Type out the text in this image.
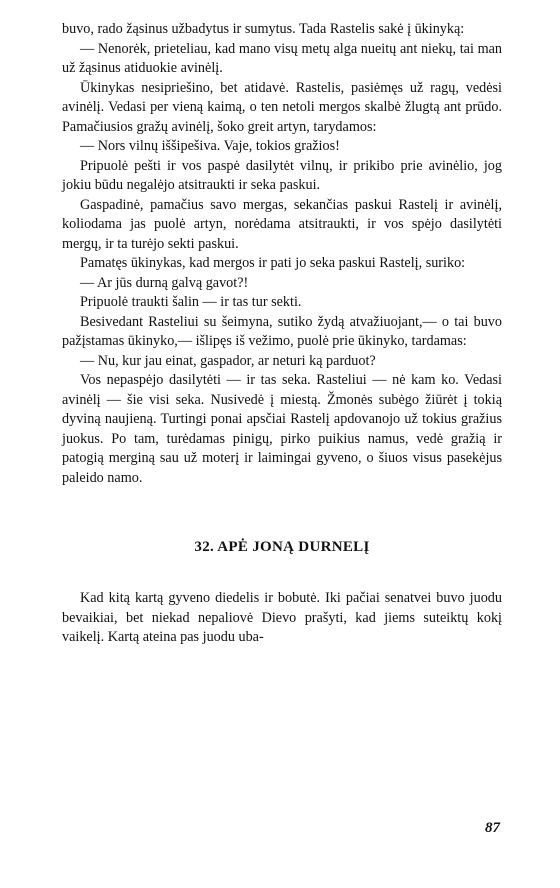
buvo, rado žąsinus užbadytus ir sumytus. Tada Rastelis sakė į ūkinyką:

— Nenorėk, prieteliau, kad mano visų metų alga nueitų ant niekų, tai man už žąsinus atiduokie avinėlį.

Ūkinykas nesipriešino, bet atidavė. Rastelis, pasiėmęs už ragų, vedėsi avinėlį. Vedasi per vieną kaimą, o ten netoli mergos skalbė žlugtą ant prūdo. Pamačiusios gražų avinėlį, šoko greit artyn, tarydamos:

— Nors vilnų iššipešiva. Vaje, tokios gražios!

Pripuolė pešti ir vos paspė dasilytėt vilnų, ir prikibo prie avinėlio, jog jokiu būdu negalėjo atsitraukti ir seka paskui.

Gaspadinė, pamačius savo mergas, sekančias paskui Rastelį ir avinėlį, koliodama jas puolė artyn, norėdama atsitraukti, ir vos spėjo dasilytėti mergų, ir ta turėjo sekti paskui.

Pamatęs ūkinykas, kad mergos ir pati jo seka paskui Rastelį, suriko:

— Ar jūs durną galvą gavot?!

Pripuolė traukti šalin — ir tas tur sekti.

Besivedant Rasteliui su šeimyna, sutiko žydą atvažiuojant,— o tai buvo pažįstamas ūkinyko,— išlipęs iš vežimo, puolė prie ūkinyko, tardamas:

— Nu, kur jau einat, gaspador, ar neturi ką parduot?

Vos nepaspėjo dasilytėti — ir tas seka. Rasteliui — nė kam ko. Vedasi avinėlį — šie visi seka. Nusivedė į miestą. Žmonės subėgo žiūrėt į tokią dyviną naujieną. Turtingi ponai apsčiai Rastelį apdovanojo už tokius gražius juokus. Po tam, turėdamas pinigų, pirko puikius namus, vedė gražią ir patogią merginą sau už moterį ir laimingai gyveno, o šiuos visus pasekėjus paleido namo.

32. APĖ JONĄ DURNELĮ

Kad kitą kartą gyveno diedelis ir bobutė. Iki pačiai senatvei buvo juodu bevaikiai, bet niekad nepaliovė Dievo prašyti, kad jiems suteiktų kokį vaikelį. Kartą ateina pas juodu uba-

87
